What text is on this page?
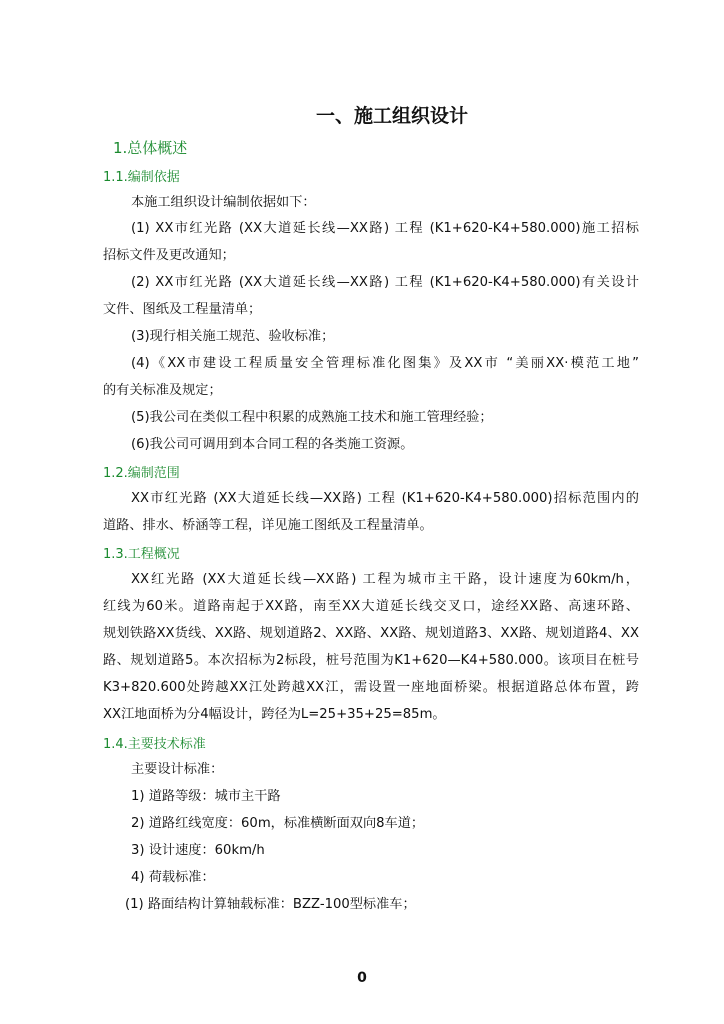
一、施工组织设计
1.总体概述
1.1.编制依据
本施工组织设计编制依据如下：
(1) XX市红光路 (XX大道延长线—XX路) 工程 (K1+620-K4+580.000)施工招标
招标文件及更改通知；
(2) XX市红光路 (XX大道延长线—XX路) 工程 (K1+620-K4+580.000)有关设计
文件、图纸及工程量清单；
(3)现行相关施工规范、验收标准；
(4)《XX市建设工程质量安全管理标准化图集》及XX市 “美丽XX·模范工地”
的有关标准及规定；
(5)我公司在类似工程中积累的成熟施工技术和施工管理经验；
(6)我公司可调用到本合同工程的各类施工资源。
1.2.编制范围
XX市红光路 (XX大道延长线—XX路) 工程 (K1+620-K4+580.000)招标范围内的
道路、排水、桥涵等工程，详见施工图纸及工程量清单。
1.3.工程概况
XX红光路 (XX大道延长线—XX路) 工程为城市主干路，设计速度为60km/h，
红线为60米。道路南起于XX路，南至XX大道延长线交叉口，途经XX路、高速环路、
规划铁路XX货线、XX路、规划道路2、XX路、XX路、规划道路3、XX路、规划道路4、XX
路、规划道路5。本次招标为2标段，桩号范围为K1+620—K4+580.000。该项目在桩号
K3+820.600处跨越XX江处跨越XX江，需设置一座地面桥梁。根据道路总体布置，跨
XX江地面桥为分4幅设计，跨径为L=25+35+25=85m。
1.4.主要技术标准
主要设计标准：
1) 道路等级：城市主干路
2) 道路红线宽度：60m，标准横断面双向8车道；
3) 设计速度：60km/h
4) 荷载标准：
(1) 路面结构计算轴载标准：BZZ-100型标准车；
0
